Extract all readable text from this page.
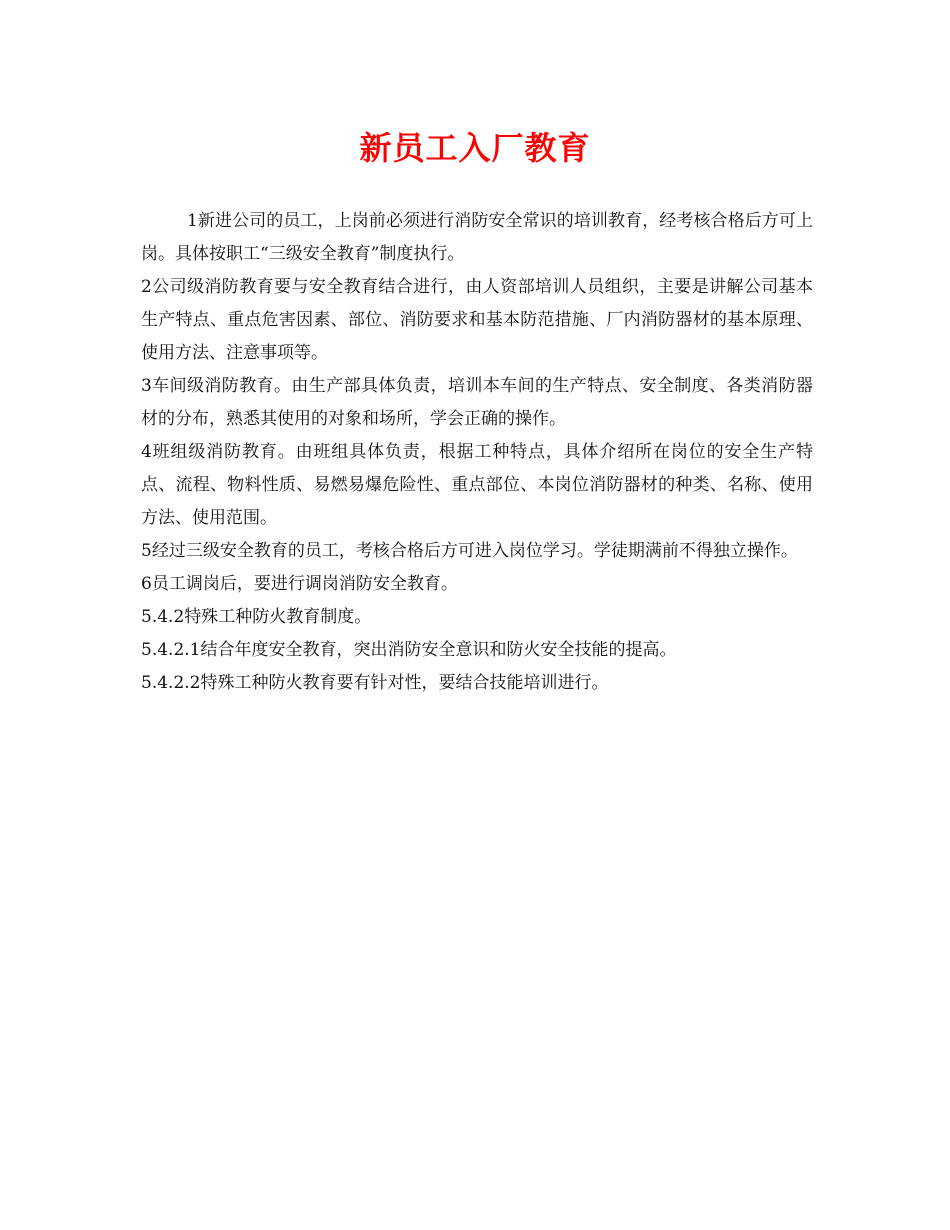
新员工入厂教育

1新进公司的员工，上岗前必须进行消防安全常识的培训教育，经考核合格后方可上岗。具体按职工“三级安全教育”制度执行。

2公司级消防教育要与安全教育结合进行，由人资部培训人员组织，主要是讲解公司基本生产特点、重点危害因素、部位、消防要求和基本防范措施、厂内消防器材的基本原理、使用方法、注意事项等。

3车间级消防教育。由生产部具体负责，培训本车间的生产特点、安全制度、各类消防器材的分布，熟悉其使用的对象和场所，学会正确的操作。

4班组级消防教育。由班组具体负责，根据工种特点，具体介绍所在岗位的安全生产特点、流程、物料性质、易燃易爆危险性、重点部位、本岗位消防器材的种类、名称、使用方法、使用范围。

5经过三级安全教育的员工，考核合格后方可进入岗位学习。学徒期满前不得独立操作。

6员工调岗后，要进行调岗消防安全教育。

5.4.2特殊工种防火教育制度。

5.4.2.1结合年度安全教育，突出消防安全意识和防火安全技能的提高。

5.4.2.2特殊工种防火教育要有针对性，要结合技能培训进行。
